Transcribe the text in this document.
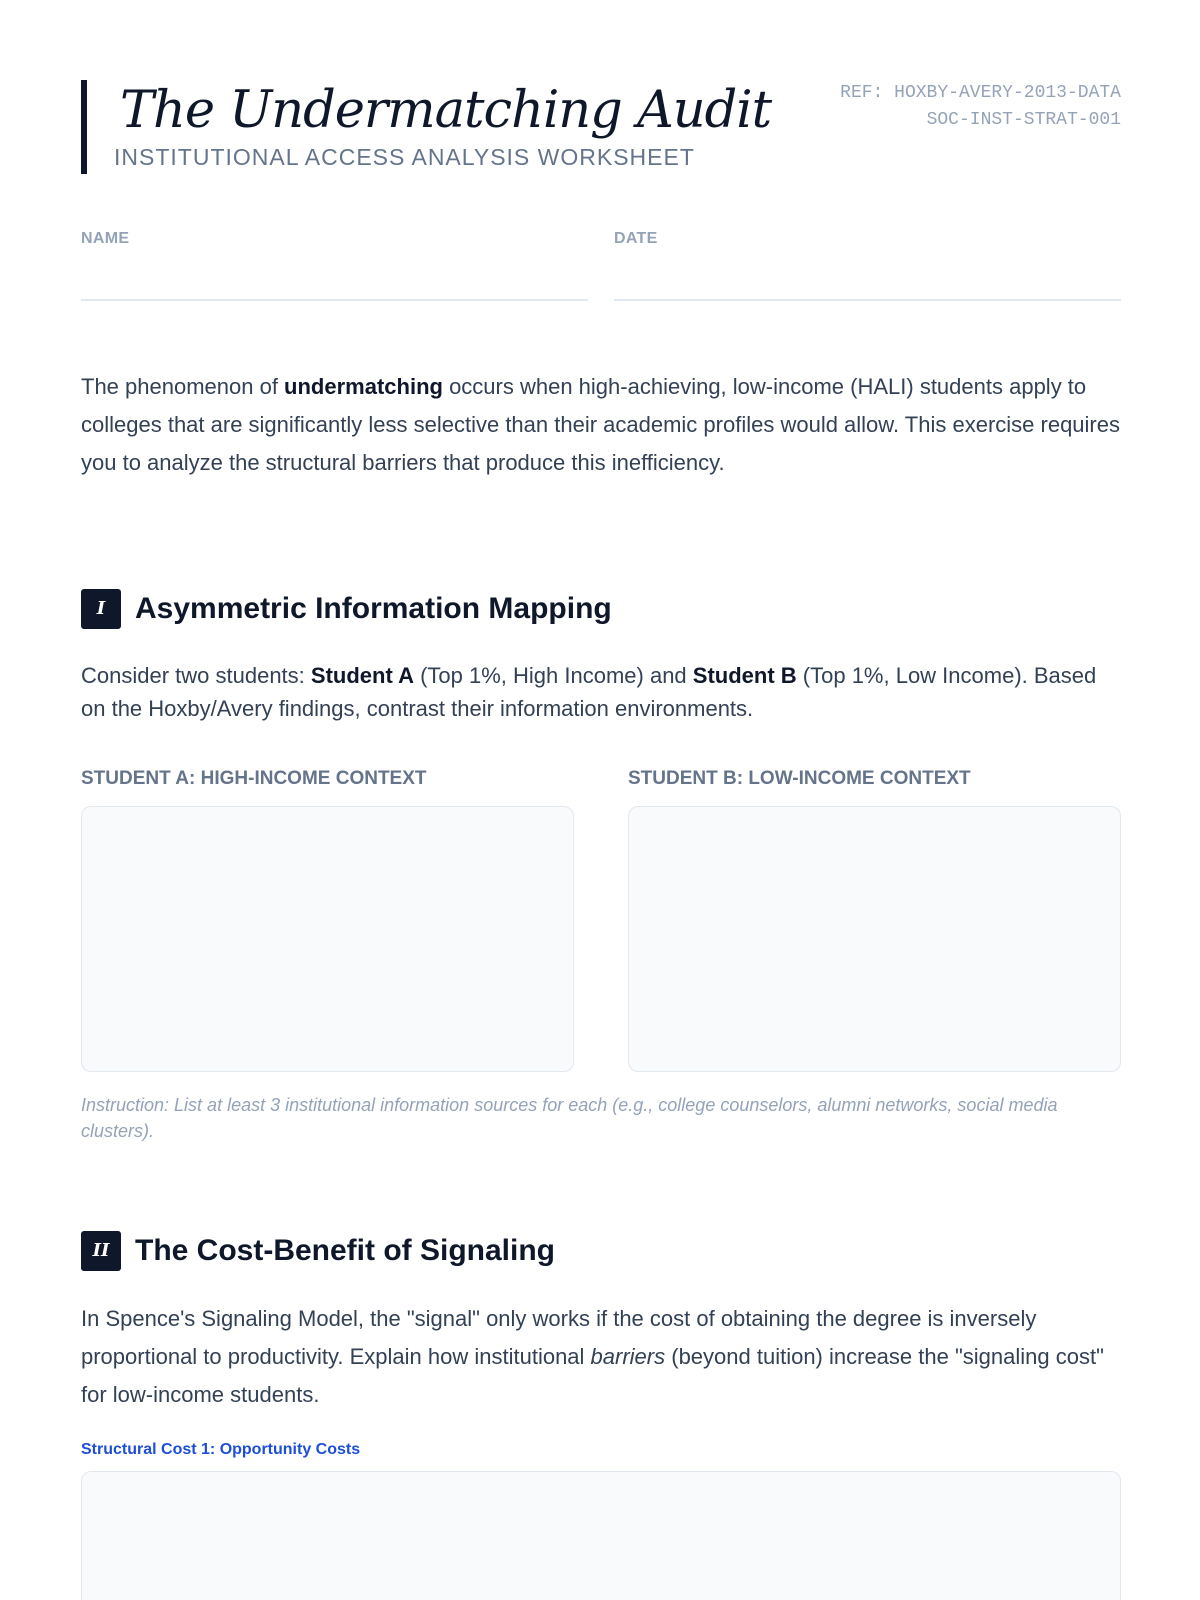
The Undermatching Audit
INSTITUTIONAL ACCESS ANALYSIS WORKSHEET
REF: HOXBY-AVERY-2013-DATA
SOC-INST-STRAT-001
NAME	DATE

The phenomenon of undermatching occurs when high-achieving, low-income (HALI) students apply to colleges that are significantly less selective than their academic profiles would allow. This exercise requires you to analyze the structural barriers that produce this inefficiency.

I Asymmetric Information Mapping

Consider two students: Student A (Top 1%, High Income) and Student B (Top 1%, Low Income). Based on the Hoxby/Avery findings, contrast their information environments.

STUDENT A: HIGH-INCOME CONTEXT	STUDENT B: LOW-INCOME CONTEXT

Instruction: List at least 3 institutional information sources for each (e.g., college counselors, alumni networks, social media clusters).

II The Cost-Benefit of Signaling

In Spence's Signaling Model, the "signal" only works if the cost of obtaining the degree is inversely proportional to productivity. Explain how institutional barriers (beyond tuition) increase the "signaling cost" for low-income students.

Structural Cost 1: Opportunity Costs
